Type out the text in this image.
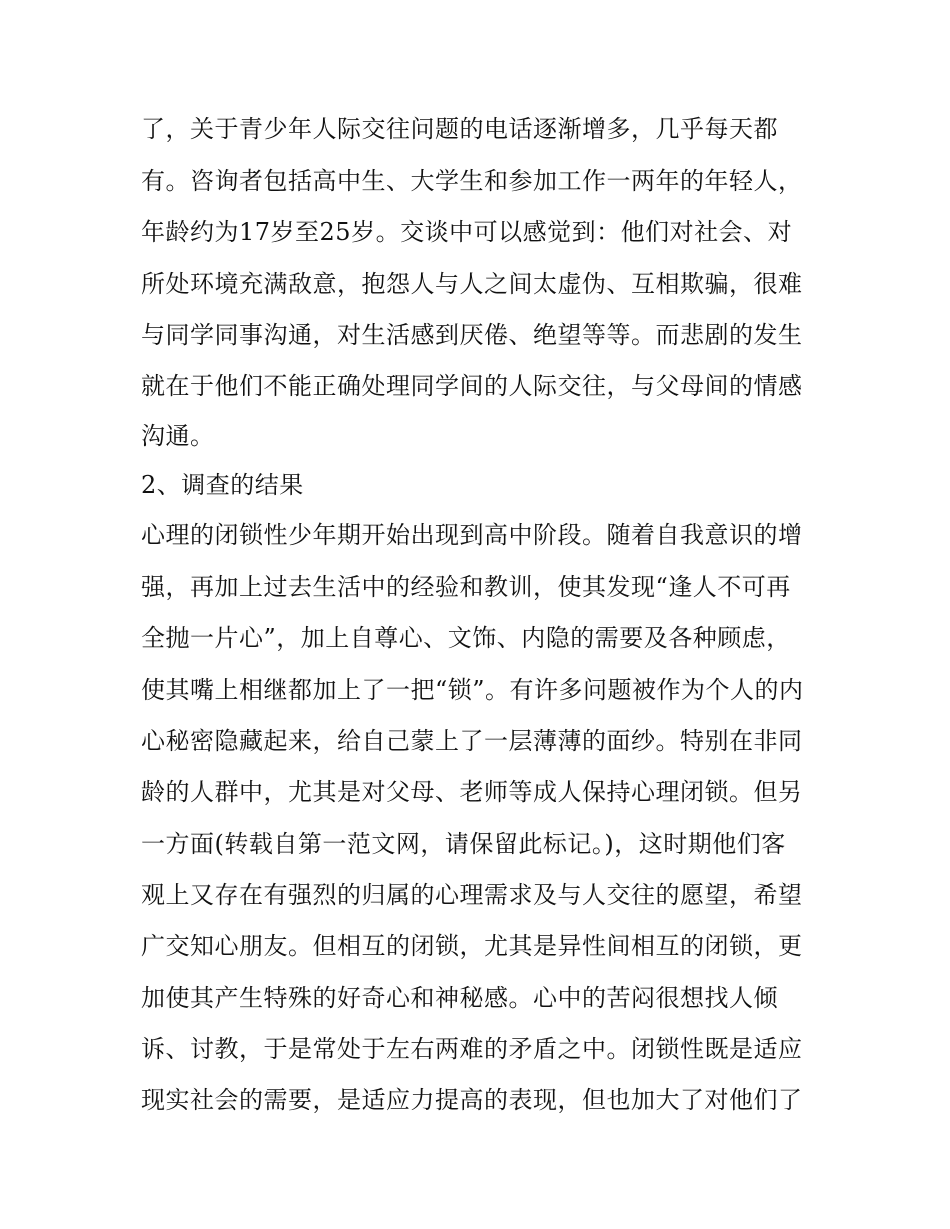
了，关于青少年人际交往问题的电话逐渐增多，几乎每天都

有。咨询者包括高中生、大学生和参加工作一两年的年轻人，

年龄约为17岁至25岁。交谈中可以感觉到：他们对社会、对

所处环境充满敌意，抱怨人与人之间太虚伪、互相欺骗，很难

与同学同事沟通，对生活感到厌倦、绝望等等。而悲剧的发生

就在于他们不能正确处理同学间的人际交往，与父母间的情感

沟通。

2、调查的结果

心理的闭锁性少年期开始出现到高中阶段。随着自我意识的增

强，再加上过去生活中的经验和教训，使其发现“逢人不可再

全抛一片心”，加上自尊心、文饰、内隐的需要及各种顾虑，

使其嘴上相继都加上了一把“锁”。有许多问题被作为个人的内

心秘密隐藏起来，给自己蒙上了一层薄薄的面纱。特别在非同

龄的人群中，尤其是对父母、老师等成人保持心理闭锁。但另

一方面(转载自第一范文网，请保留此标记。)，这时期他们客

观上又存在有强烈的归属的心理需求及与人交往的愿望，希望

广交知心朋友。但相互的闭锁，尤其是异性间相互的闭锁，更

加使其产生特殊的好奇心和神秘感。心中的苦闷很想找人倾

诉、讨教，于是常处于左右两难的矛盾之中。闭锁性既是适应

现实社会的需要，是适应力提高的表现，但也加大了对他们了
